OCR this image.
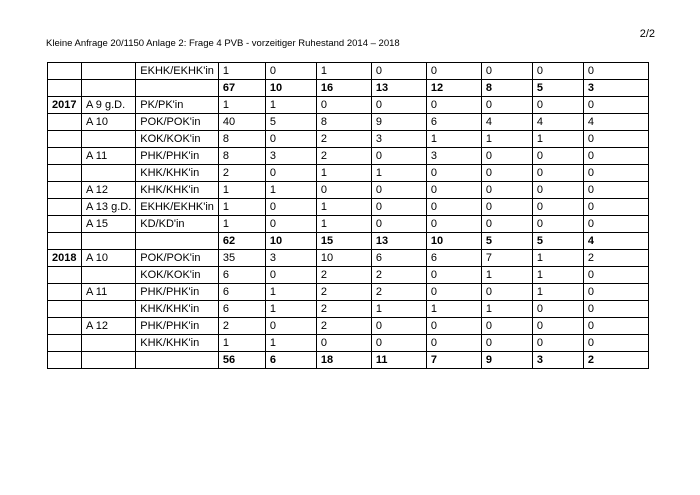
2/2
Kleine Anfrage 20/1150 Anlage 2: Frage 4 PVB - vorzeitiger Ruhestand 2014 – 2018
		EKHK/EKHK'in	1	0	1	0	0	0	0	0
			67	10	16	13	12	8	5	3
2017	A 9 g.D.	PK/PK'in	1	1	0	0	0	0	0	0
	A 10	POK/POK'in	40	5	8	9	6	4	4	4
		KOK/KOK'in	8	0	2	3	1	1	1	0
	A 11	PHK/PHK'in	8	3	2	0	3	0	0	0
		KHK/KHK'in	2	0	1	1	0	0	0	0
	A 12	KHK/KHK'in	1	1	0	0	0	0	0	0
	A 13 g.D.	EKHK/EKHK'in	1	0	1	0	0	0	0	0
	A 15	KD/KD'in	1	0	1	0	0	0	0	0
			62	10	15	13	10	5	5	4
2018	A 10	POK/POK'in	35	3	10	6	6	7	1	2
		KOK/KOK'in	6	0	2	2	0	1	1	0
	A 11	PHK/PHK'in	6	1	2	2	0	0	1	0
		KHK/KHK'in	6	1	2	1	1	1	0	0
	A 12	PHK/PHK'in	2	0	2	0	0	0	0	0
		KHK/KHK'in	1	1	0	0	0	0	0	0
			56	6	18	11	7	9	3	2
